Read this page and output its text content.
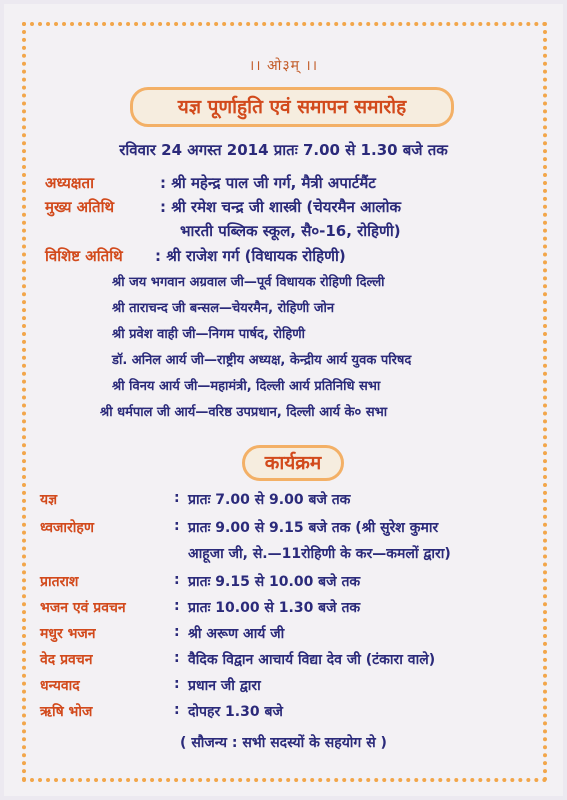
।। ओ३म् ।।
यज्ञ पूर्णाहुति एवं समापन समारोह
रविवार 24 अगस्त 2014 प्रातः 7.00 से 1.30 बजे तक
अध्यक्षता	: श्री महेन्द्र पाल जी गर्ग, मैत्री अपार्टमैंट
मुख्य अतिथि	: श्री रमेश चन्द्र जी शास्त्री (चेयरमैन आलोक
भारती पब्लिक स्कूल, सै०-16, रोहिणी)
विशिष्ट अतिथि : श्री राजेश गर्ग (विधायक रोहिणी)
श्री जय भगवान अग्रवाल जी—पूर्व विधायक रोहिणी दिल्ली
श्री ताराचन्द जी बन्सल—चेयरमैन, रोहिणी जोन
श्री प्रवेश वाही जी—निगम पार्षद, रोहिणी
डॉ. अनिल आर्य जी—राष्ट्रीय अध्यक्ष, केन्द्रीय आर्य युवक परिषद
श्री विनय आर्य जी—महामंत्री, दिल्ली आर्य प्रतिनिधि सभा
श्री धर्मपाल जी आर्य—वरिष्ठ उपप्रधान, दिल्ली आर्य के० सभा
कार्यक्रम
यज्ञ	: प्रातः 7.00 से 9.00 बजे तक
ध्वजारोहण	: प्रातः 9.00 से 9.15 बजे तक (श्री सुरेश कुमार
आहूजा जी, से.—11रोहिणी के कर—कमलों द्वारा)
प्रातराश	: प्रातः 9.15 से 10.00 बजे तक
भजन एवं प्रवचन	: प्रातः 10.00 से 1.30 बजे तक
मधुर भजन	: श्री अरूण आर्य जी
वेद प्रवचन	: वैदिक विद्वान आचार्य विद्या देव जी (टंकारा वाले)
धन्यवाद	: प्रधान जी द्वारा
ऋषि भोज	: दोपहर 1.30 बजे
( सौजन्य : सभी सदस्यों के सहयोग से )
